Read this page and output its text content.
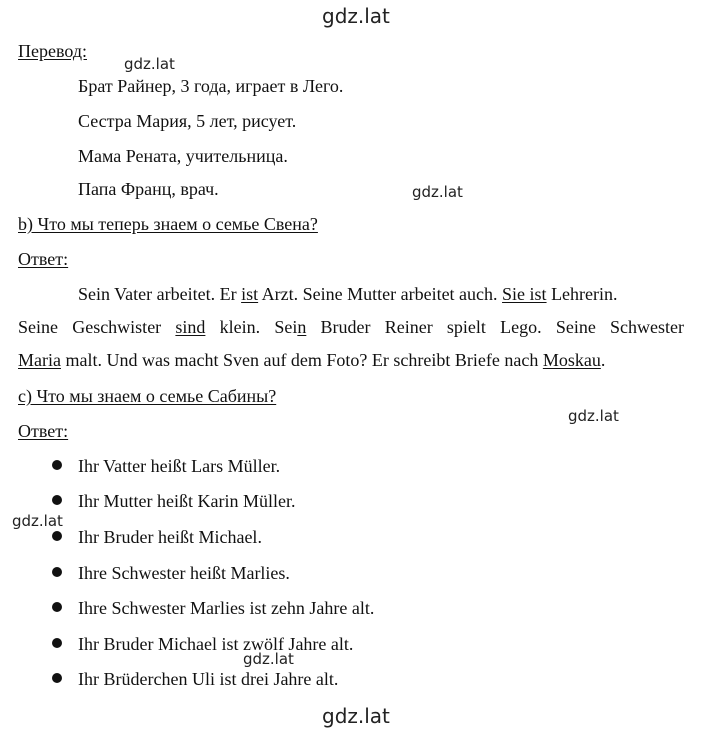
gdz.lat
gdz.lat
gdz.lat
gdz.lat
gdz.lat
gdz.lat
gdz.lat
Перевод:
Брат Райнер, 3 года, играет в Лего.
Сестра Мария, 5 лет, рисует.
Мама Рената, учительница.
Папа Франц, врач.
b) Что мы теперь знаем о семье Свена?
Ответ:
Sein Vater arbeitet. Er ist Arzt. Seine Mutter arbeitet auch. Sie ist Lehrerin.
Seine Geschwister sind klein. Sein Bruder Reiner spielt Lego. Seine Schwester
Maria malt. Und was macht Sven auf dem Foto? Er schreibt Briefe nach Moskau.
c) Что мы знаем о семье Сабины?
Ответ:
Ihr Vatter heißt Lars Müller.
Ihr Mutter heißt Karin Müller.
Ihr Bruder heißt Michael.
Ihre Schwester heißt Marlies.
Ihre Schwester Marlies ist zehn Jahre alt.
Ihr Bruder Michael ist zwölf Jahre alt.
Ihr Brüderchen Uli ist drei Jahre alt.
